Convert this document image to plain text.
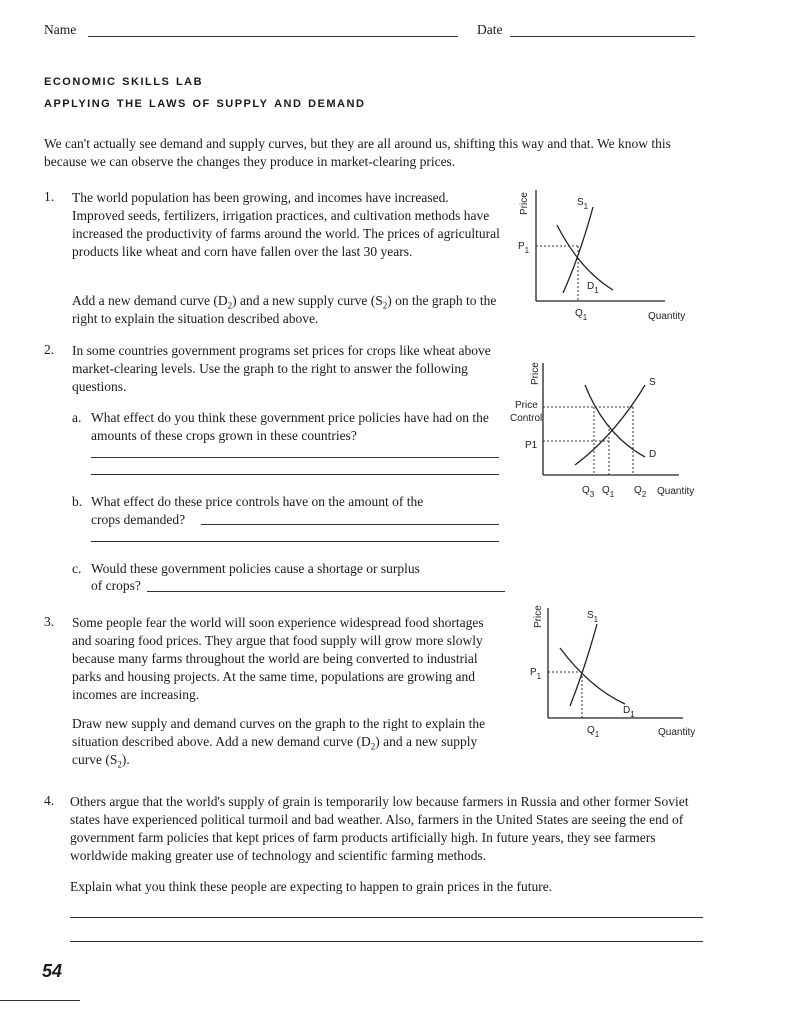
Name	Date
economic skills lab
applying the laws of supply and demand
We can't actually see demand and supply curves, but they are all around us, shifting this way and that. We know this because we can observe the changes they produce in market-clearing prices.
1. The world population has been growing, and incomes have increased. Improved seeds, fertilizers, irrigation practices, and cultivation methods have increased the productivity of farms around the world. The prices of agricultural products like wheat and corn have fallen over the last 30 years.
Add a new demand curve $(D_2)$ and a new supply curve $(S_2)$ on the graph to the right to explain the situation described above.
Price
$P_1$
$S_1$
$D_1$
$Q_1$	Quantity
2. In some countries government programs set prices for crops like wheat above market-clearing levels. Use the graph to the right to answer the following questions.
a. What effect do you think these government price policies have had on the amounts of these crops grown in these countries?
b. What effect do these price controls have on the amount of the
crops demanded?
c. Would these government policies cause a shortage or surplus
of crops?
Price
Price
Control
P1
S
D
$Q_3$ $Q_1$ $Q_2$ Quantity
3. Some people fear the world will soon experience widespread food shortages and soaring food prices. They argue that food supply will grow more slowly because many farms throughout the world are being converted to industrial parks and housing projects. At the same time, populations are growing and incomes are increasing.
Draw new supply and demand curves on the graph to the right to explain the situation described above. Add a new demand curve $(D_2)$ and a new supply curve $(S_2)$.
Price
$P_1$
$S_1$
$D_1$
$Q_1$	Quantity
4. Others argue that the world's supply of grain is temporarily low because farmers in Russia and other former Soviet states have experienced political turmoil and bad weather. Also, farmers in the United States are seeing the end of government farm policies that kept prices of farm products artificially high. In future years, they see farmers worldwide making greater use of technology and scientific farming methods.
Explain what you think these people are expecting to happen to grain prices in the future.
54
